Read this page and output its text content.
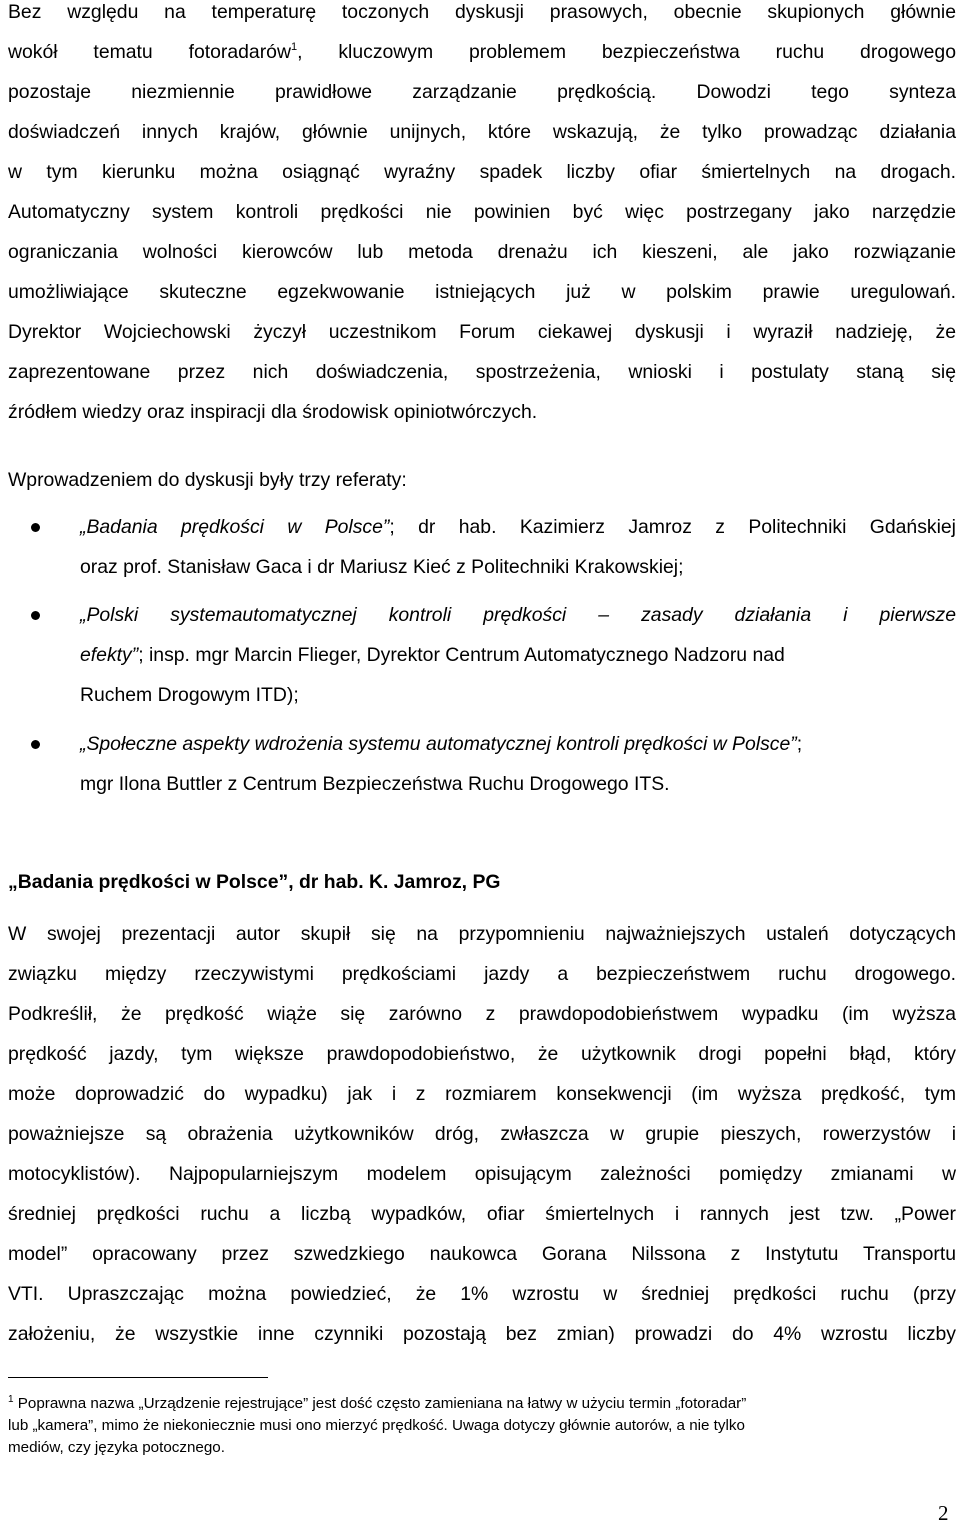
Bez względu na temperaturę toczonych dyskusji prasowych, obecnie skupionych głównie
wokół tematu fotoradarów$^1$, kluczowym problemem bezpieczeństwa ruchu drogowego
pozostaje niezmiennie prawidłowe zarządzanie prędkością. Dowodzi tego synteza
doświadczeń innych krajów, głównie unijnych, które wskazują, że tylko prowadząc działania
w tym kierunku można osiągnąć wyraźny spadek liczby ofiar śmiertelnych na drogach.
Automatyczny system kontroli prędkości nie powinien być więc postrzegany jako narzędzie
ograniczania wolności kierowców lub metoda drenażu ich kieszeni, ale jako rozwiązanie
umożliwiające skuteczne egzekwowanie istniejących już w polskim prawie uregulowań.
Dyrektor Wojciechowski życzył uczestnikom Forum ciekawej dyskusji i wyraził nadzieję, że
zaprezentowane przez nich doświadczenia, spostrzeżenia, wnioski i postulaty staną się
źródłem wiedzy oraz inspiracji dla środowisk opiniotwórczych.
Wprowadzeniem do dyskusji były trzy referaty:
„Badania prędkości w Polsce”; dr hab. Kazimierz Jamroz z Politechniki Gdańskiej
oraz prof. Stanisław Gaca i dr Mariusz Kieć z Politechniki Krakowskiej;
„Polski systemautomatycznej kontroli prędkości – zasady działania i pierwsze
efekty”; insp. mgr Marcin Flieger, Dyrektor Centrum Automatycznego Nadzoru nad
Ruchem Drogowym ITD);
„Społeczne aspekty wdrożenia systemu automatycznej kontroli prędkości w Polsce”;
mgr Ilona Buttler z Centrum Bezpieczeństwa Ruchu Drogowego ITS.
„Badania prędkości w Polsce”, dr hab. K. Jamroz, PG
W swojej prezentacji autor skupił się na przypomnieniu najważniejszych ustaleń dotyczących
związku między rzeczywistymi prędkościami jazdy a bezpieczeństwem ruchu drogowego.
Podkreślił, że prędkość wiąże się zarówno z prawdopodobieństwem wypadku (im wyższa
prędkość jazdy, tym większe prawdopodobieństwo, że użytkownik drogi popełni błąd, który
może doprowadzić do wypadku) jak i z rozmiarem konsekwencji (im wyższa prędkość, tym
poważniejsze są obrażenia użytkowników dróg, zwłaszcza w grupie pieszych, rowerzystów i
motocyklistów). Najpopularniejszym modelem opisującym zależności pomiędzy zmianami w
średniej prędkości ruchu a liczbą wypadków, ofiar śmiertelnych i rannych jest tzw. „Power
model” opracowany przez szwedzkiego naukowca Gorana Nilssona z Instytutu Transportu
VTI. Upraszczając można powiedzieć, że 1% wzrostu w średniej prędkości ruchu (przy
założeniu, że wszystkie inne czynniki pozostają bez zmian) prowadzi do 4% wzrostu liczby
$^1$ Poprawna nazwa „Urządzenie rejestrujące” jest dość często zamieniana na łatwy w użyciu termin „fotoradar”
lub „kamera”, mimo że niekoniecznie musi ono mierzyć prędkość. Uwaga dotyczy głównie autorów, a nie tylko
mediów, czy języka potocznego.
2
